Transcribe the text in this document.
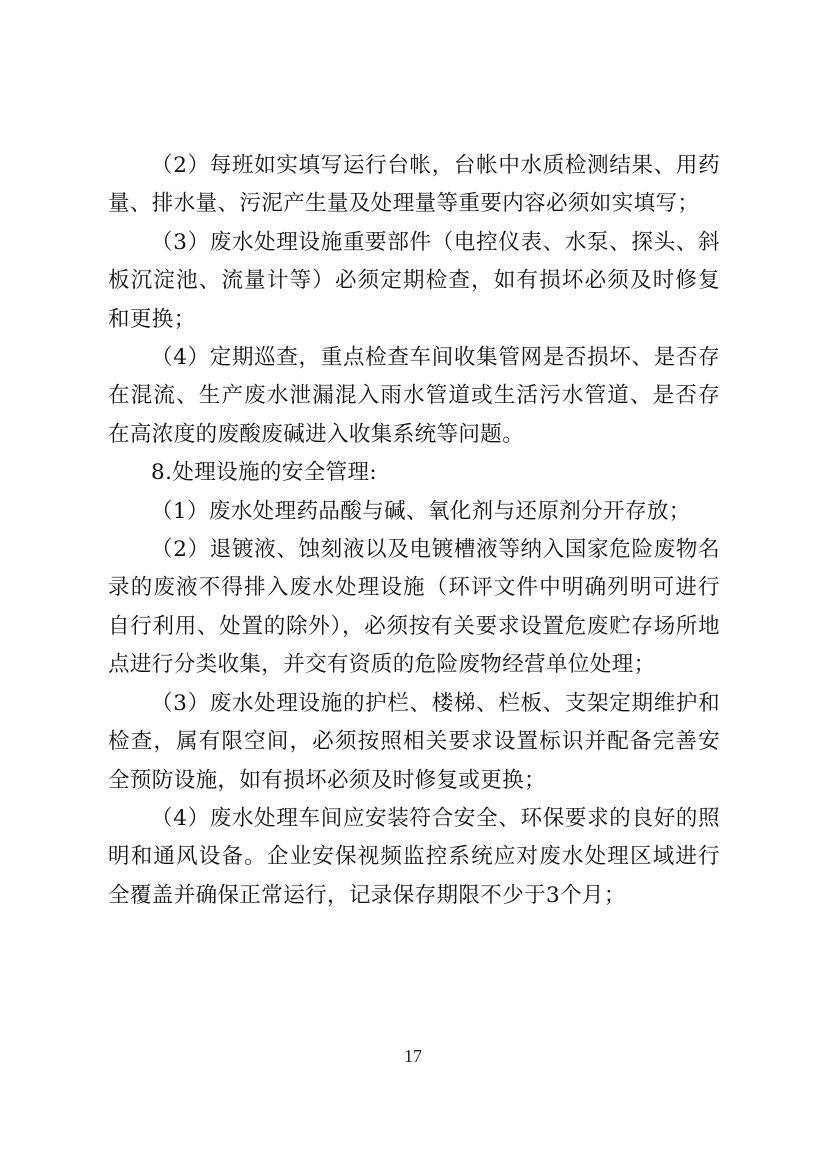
（2）每班如实填写运行台帐，台帐中水质检测结果、用药量、排水量、污泥产生量及处理量等重要内容必须如实填写；

（3）废水处理设施重要部件（电控仪表、水泵、探头、斜板沉淀池、流量计等）必须定期检查，如有损坏必须及时修复和更换；

（4）定期巡查，重点检查车间收集管网是否损坏、是否存在混流、生产废水泄漏混入雨水管道或生活污水管道、是否存在高浓度的废酸废碱进入收集系统等问题。

8.处理设施的安全管理:

（1）废水处理药品酸与碱、氧化剂与还原剂分开存放；

（2）退镀液、蚀刻液以及电镀槽液等纳入国家危险废物名录的废液不得排入废水处理设施（环评文件中明确列明可进行自行利用、处置的除外），必须按有关要求设置危废贮存场所地点进行分类收集，并交有资质的危险废物经营单位处理；

（3）废水处理设施的护栏、楼梯、栏板、支架定期维护和检查，属有限空间，必须按照相关要求设置标识并配备完善安全预防设施，如有损坏必须及时修复或更换；

（4）废水处理车间应安装符合安全、环保要求的良好的照明和通风设备。企业安保视频监控系统应对废水处理区域进行全覆盖并确保正常运行，记录保存期限不少于3个月；

17
